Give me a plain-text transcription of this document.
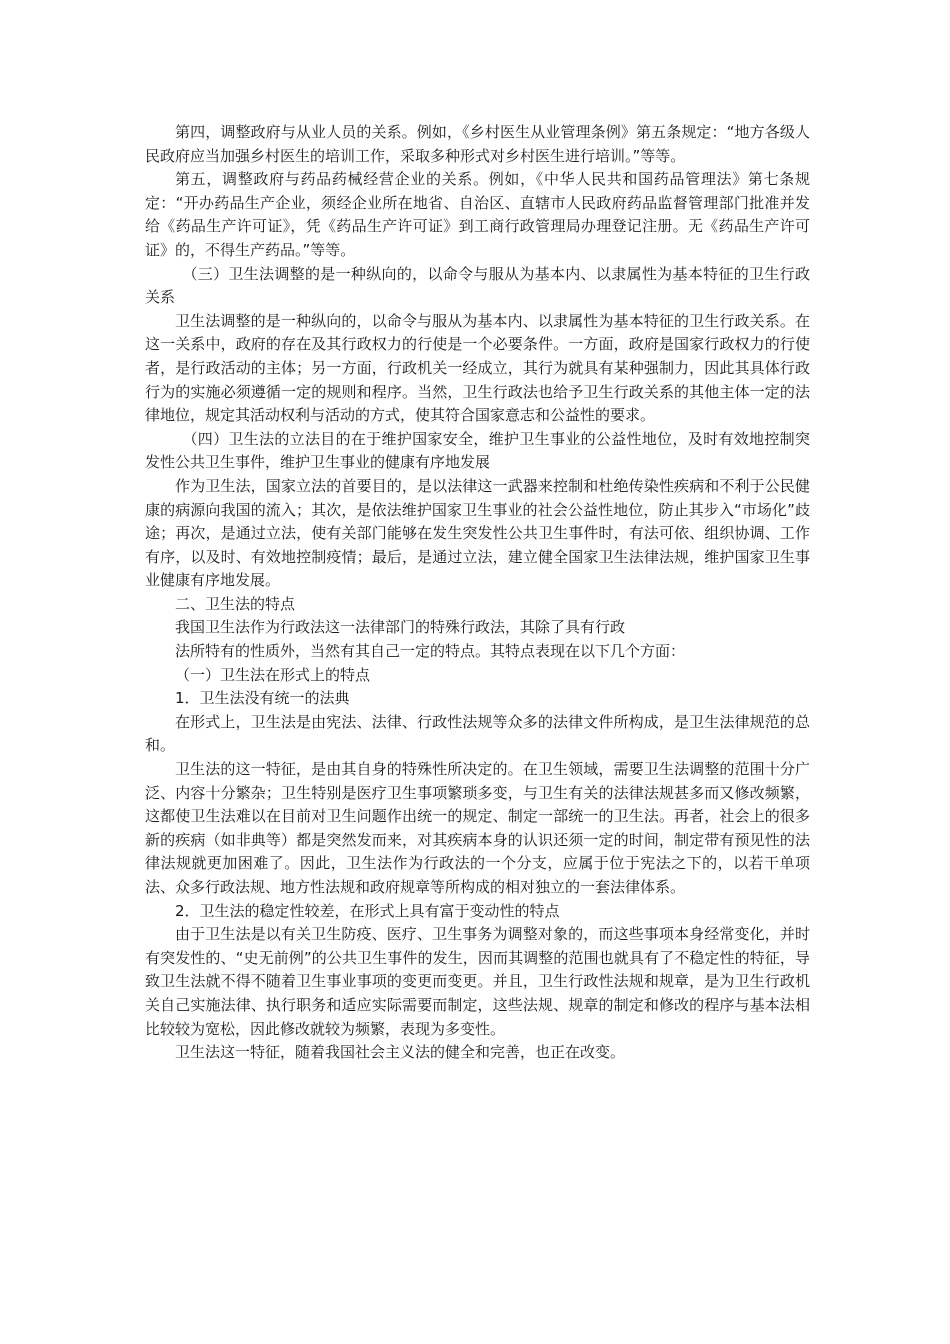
第四，调整政府与从业人员的关系。例如，《乡村医生从业管理条例》第五条规定：“地方各级人民政府应当加强乡村医生的培训工作，采取多种形式对乡村医生进行培训。”等等。

第五，调整政府与药品药械经营企业的关系。例如，《中华人民共和国药品管理法》第七条规定：“开办药品生产企业，须经企业所在地省、自治区、直辖市人民政府药品监督管理部门批准并发给《药品生产许可证》，凭《药品生产许可证》到工商行政管理局办理登记注册。无《药品生产许可证》的，不得生产药品。”等等。

（三）卫生法调整的是一种纵向的，以命令与服从为基本内、以隶属性为基本特征的卫生行政关系

卫生法调整的是一种纵向的，以命令与服从为基本内、以隶属性为基本特征的卫生行政关系。在这一关系中，政府的存在及其行政权力的行使是一个必要条件。一方面，政府是国家行政权力的行使者，是行政活动的主体；另一方面，行政机关一经成立，其行为就具有某种强制力，因此其具体行政行为的实施必须遵循一定的规则和程序。当然，卫生行政法也给予卫生行政关系的其他主体一定的法律地位，规定其活动权利与活动的方式，使其符合国家意志和公益性的要求。

（四）卫生法的立法目的在于维护国家安全，维护卫生事业的公益性地位，及时有效地控制突发性公共卫生事件，维护卫生事业的健康有序地发展

作为卫生法，国家立法的首要目的，是以法律这一武器来控制和杜绝传染性疾病和不利于公民健康的病源向我国的流入；其次，是依法维护国家卫生事业的社会公益性地位，防止其步入“市场化”歧途；再次，是通过立法，使有关部门能够在发生突发性公共卫生事件时，有法可依、组织协调、工作有序，以及时、有效地控制疫情；最后，是通过立法，建立健全国家卫生法律法规，维护国家卫生事业健康有序地发展。

二、卫生法的特点

我国卫生法作为行政法这一法律部门的特殊行政法，其除了具有行政

法所特有的性质外，当然有其自己一定的特点。其特点表现在以下几个方面：

（一）卫生法在形式上的特点

1．卫生法没有统一的法典

在形式上，卫生法是由宪法、法律、行政性法规等众多的法律文件所构成，是卫生法律规范的总和。

卫生法的这一特征，是由其自身的特殊性所决定的。在卫生领域，需要卫生法调整的范围十分广泛、内容十分繁杂；卫生特别是医疗卫生事项繁琐多变，与卫生有关的法律法规甚多而又修改频繁，这都使卫生法难以在目前对卫生问题作出统一的规定、制定一部统一的卫生法。再者，社会上的很多新的疾病（如非典等）都是突然发而来，对其疾病本身的认识还须一定的时间，制定带有预见性的法律法规就更加困难了。因此，卫生法作为行政法的一个分支，应属于位于宪法之下的，以若干单项法、众多行政法规、地方性法规和政府规章等所构成的相对独立的一套法律体系。

2．卫生法的稳定性较差，在形式上具有富于变动性的特点

由于卫生法是以有关卫生防疫、医疗、卫生事务为调整对象的，而这些事项本身经常变化，并时有突发性的、“史无前例”的公共卫生事件的发生，因而其调整的范围也就具有了不稳定性的特征，导致卫生法就不得不随着卫生事业事项的变更而变更。并且，卫生行政性法规和规章，是为卫生行政机关自己实施法律、执行职务和适应实际需要而制定，这些法规、规章的制定和修改的程序与基本法相比较较为宽松，因此修改就较为频繁，表现为多变性。

卫生法这一特征，随着我国社会主义法的健全和完善，也正在改变。
